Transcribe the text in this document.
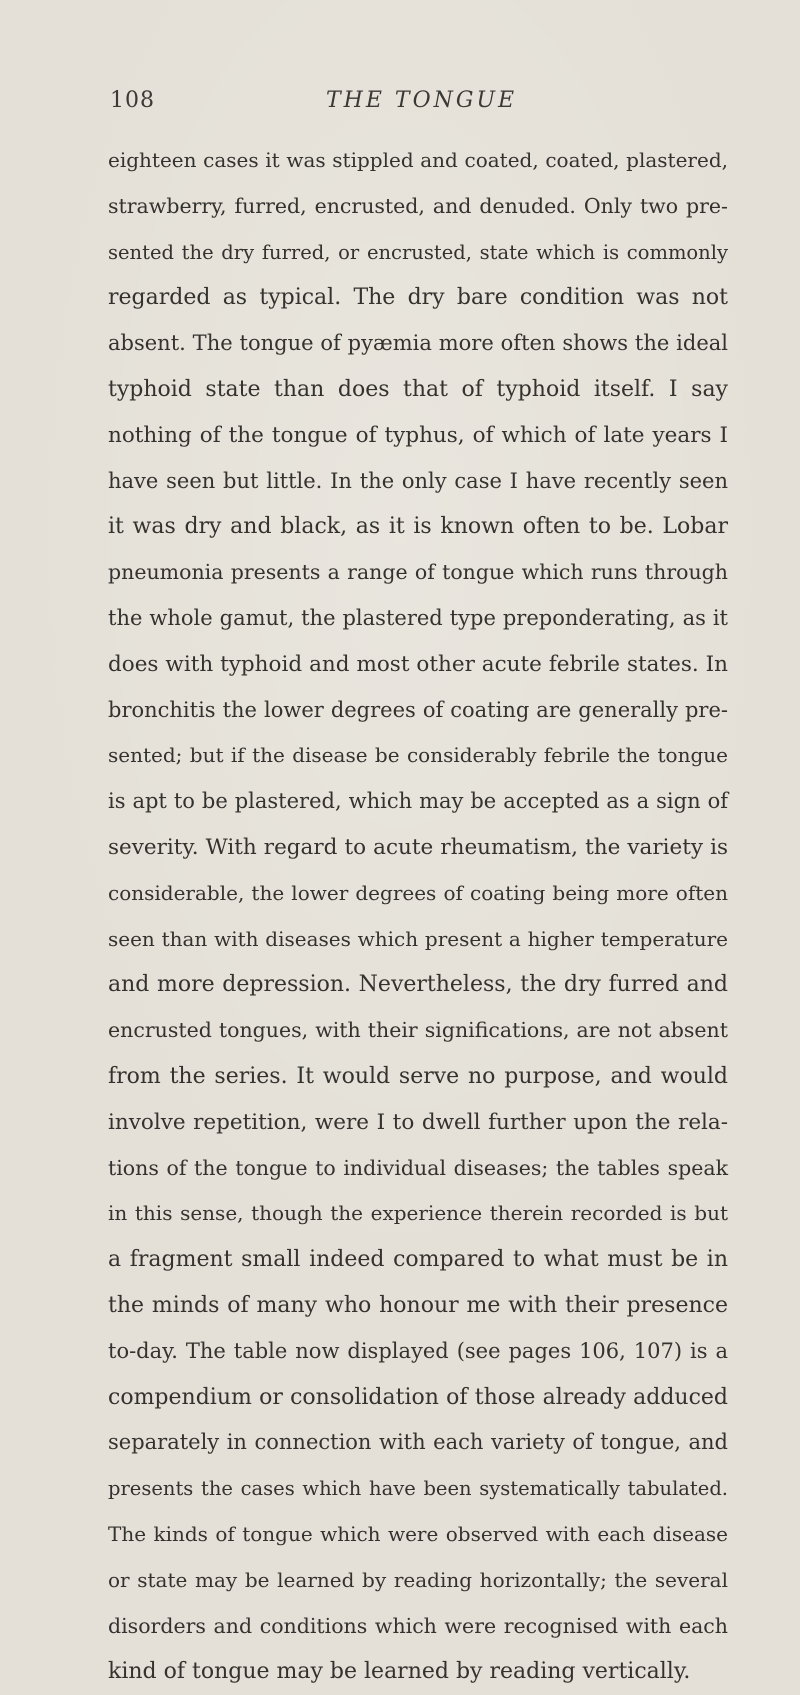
108	THE TONGUE
eighteen cases it was stippled and coated, coated, plastered,
strawberry, furred, encrusted, and denuded. Only two pre-
sented the dry furred, or encrusted, state which is commonly
regarded as typical. The dry bare condition was not
absent. The tongue of pyæmia more often shows the ideal
typhoid state than does that of typhoid itself. I say
nothing of the tongue of typhus, of which of late years I
have seen but little. In the only case I have recently seen
it was dry and black, as it is known often to be. Lobar
pneumonia presents a range of tongue which runs through
the whole gamut, the plastered type preponderating, as it
does with typhoid and most other acute febrile states. In
bronchitis the lower degrees of coating are generally pre-
sented; but if the disease be considerably febrile the tongue
is apt to be plastered, which may be accepted as a sign of
severity. With regard to acute rheumatism, the variety is
considerable, the lower degrees of coating being more often
seen than with diseases which present a higher temperature
and more depression. Nevertheless, the dry furred and
encrusted tongues, with their significations, are not absent
from the series. It would serve no purpose, and would
involve repetition, were I to dwell further upon the rela-
tions of the tongue to individual diseases; the tables speak
in this sense, though the experience therein recorded is but
a fragment small indeed compared to what must be in
the minds of many who honour me with their presence
to-day. The table now displayed (see pages 106, 107) is a
compendium or consolidation of those already adduced
separately in connection with each variety of tongue, and
presents the cases which have been systematically tabulated.
The kinds of tongue which were observed with each disease
or state may be learned by reading horizontally; the several
disorders and conditions which were recognised with each
kind of tongue may be learned by reading vertically.
